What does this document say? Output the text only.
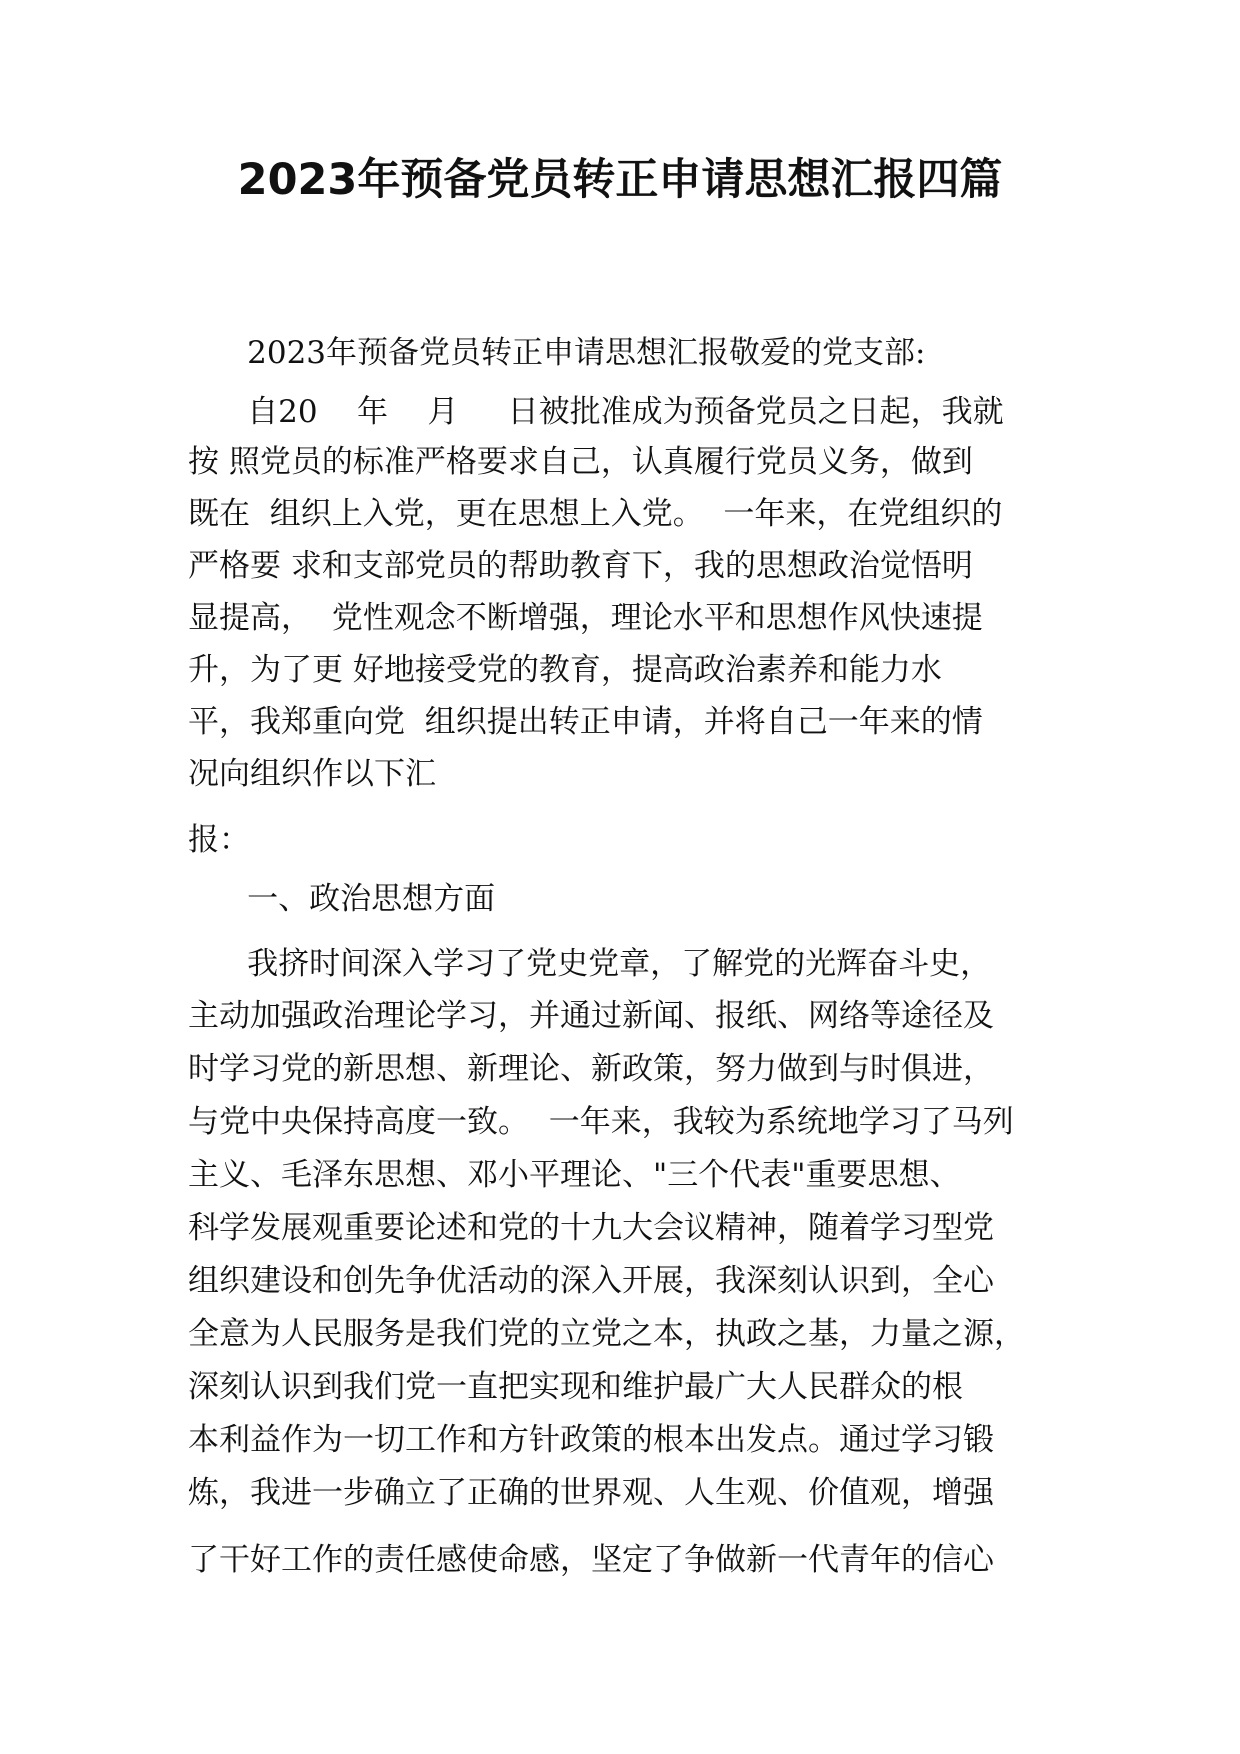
2023年预备党员转正申请思想汇报四篇
2023年预备党员转正申请思想汇报敬爱的党支部:
自20    年    月     日被批准成为预备党员之日起，我就
按 照党员的标准严格要求自己，认真履行党员义务，做到
既在  组织上入党，更在思想上入党。  一年来，在党组织的
严格要 求和支部党员的帮助教育下，我的思想政治觉悟明
显提高，  党性观念不断增强，理论水平和思想作风快速提
升，为了更 好地接受党的教育，提高政治素养和能力水
平，我郑重向党  组织提出转正申请，并将自己一年来的情
况向组织作以下汇
报：
一、政治思想方面
我挤时间深入学习了党史党章，了解党的光辉奋斗史，
主动加强政治理论学习，并通过新闻、报纸、网络等途径及
时学习党的新思想、新理论、新政策，努力做到与时俱进，
与党中央保持高度一致。  一年来，我较为系统地学习了马列
主义、毛泽东思想、邓小平理论、"三个代表"重要思想、
科学发展观重要论述和党的十九大会议精神，随着学习型党
组织建设和创先争优活动的深入开展，我深刻认识到，全心
全意为人民服务是我们党的立党之本，执政之基，力量之源，
深刻认识到我们党一直把实现和维护最广大人民群众的根
本利益作为一切工作和方针政策的根本出发点。通过学习锻
炼，我进一步确立了正确的世界观、人生观、价值观，增强
了干好工作的责任感使命感，坚定了争做新一代青年的信心
